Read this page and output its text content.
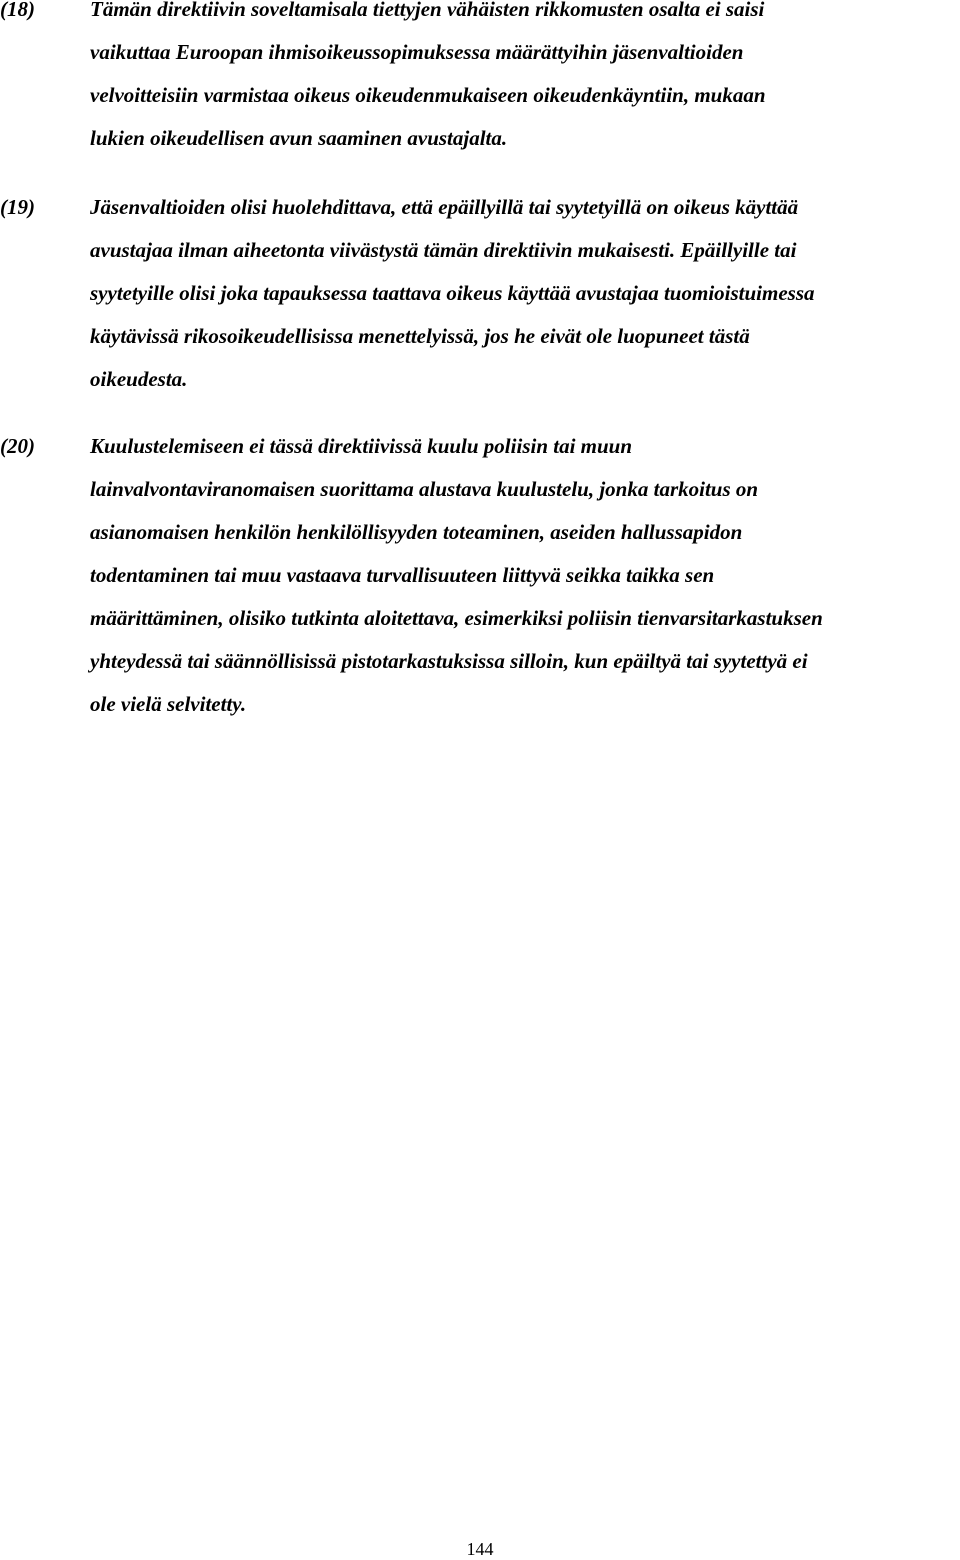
(18)	Tämän direktiivin soveltamisala tiettyjen vähäisten rikkomusten osalta ei saisi
vaikuttaa Euroopan ihmisoikeussopimuksessa määrättyihin jäsenvaltioiden
velvoitteisiin varmistaa oikeus oikeudenmukaiseen oikeudenkäyntiin, mukaan
lukien oikeudellisen avun saaminen avustajalta.
(19)	Jäsenvaltioiden olisi huolehdittava, että epäillyillä tai syytetyillä on oikeus käyttää
avustajaa ilman aiheetonta viivästystä tämän direktiivin mukaisesti. Epäillyille tai
syytetyille olisi joka tapauksessa taattava oikeus käyttää avustajaa tuomioistuimessa
käytävissä rikosoikeudellisissa menettelyissä, jos he eivät ole luopuneet tästä
oikeudesta.
(20)	Kuulustelemiseen ei tässä direktiivissä kuulu poliisin tai muun
lainvalvontaviranomaisen suorittama alustava kuulustelu, jonka tarkoitus on
asianomaisen henkilön henkilöllisyyden toteaminen, aseiden hallussapidon
todentaminen tai muu vastaava turvallisuuteen liittyvä seikka taikka sen
määrittäminen, olisiko tutkinta aloitettava, esimerkiksi poliisin tienvarsitarkastuksen
yhteydessä tai säännöllisissä pistotarkastuksissa silloin, kun epäiltyä tai syytettyä ei
ole vielä selvitetty.
144
